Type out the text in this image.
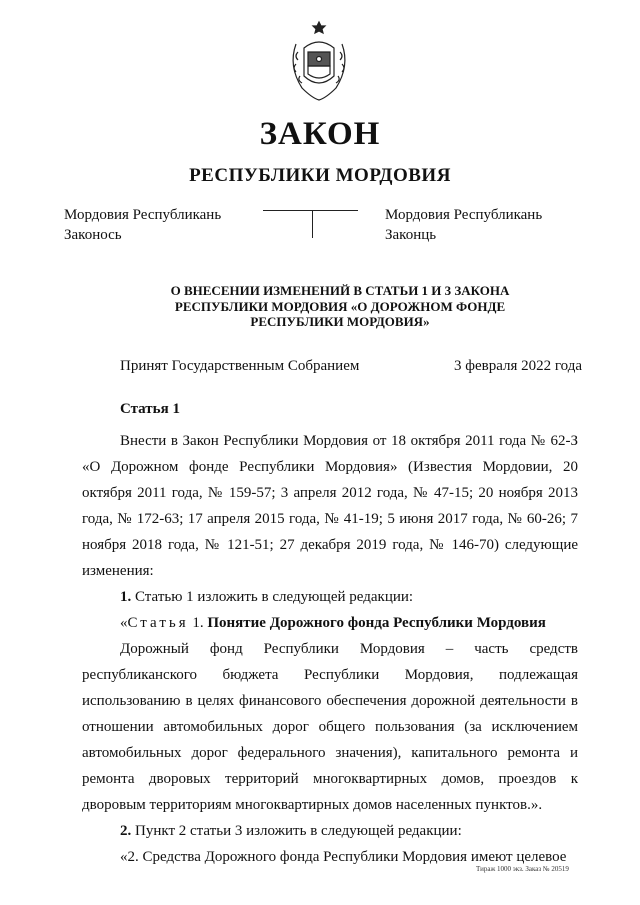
ЗАКОН
РЕСПУБЛИКИ МОРДОВИЯ
Мордовия Республикань
Законось
Мордовия Республикань
Законць
О ВНЕСЕНИИ ИЗМЕНЕНИЙ В СТАТЬИ 1 И 3 ЗАКОНА
РЕСПУБЛИКИ МОРДОВИЯ «О ДОРОЖНОМ ФОНДЕ
РЕСПУБЛИКИ МОРДОВИЯ»
Принят Государственным Собранием	3 февраля 2022 года
Статья 1

Внести в Закон Республики Мордовия от 18 октября 2011 года № 62-З «О Дорожном фонде Республики Мордовия» (Известия Мордовии, 20 октября 2011 года, № 159-57; 3 апреля 2012 года, № 47-15; 20 ноября 2013 года, № 172-63; 17 апреля 2015 года, № 41-19; 5 июня 2017 года, № 60-26; 7 ноября 2018 года, № 121-51; 27 декабря 2019 года, № 146-70) следующие изменения:

1. Статью 1 изложить в следующей редакции:

«Статья 1. Понятие Дорожного фонда Республики Мордовия

Дорожный фонд Республики Мордовия – часть средств республиканского бюджета Республики Мордовия, подлежащая использованию в целях финансового обеспечения дорожной деятельности в отношении автомобильных дорог общего пользования (за исключением автомобильных дорог федерального значения), капитального ремонта и ремонта дворовых территорий многоквартирных домов, проездов к дворовым территориям многоквартирных домов населенных пунктов.».

2. Пункт 2 статьи 3 изложить в следующей редакции:

«2. Средства Дорожного фонда Республики Мордовия имеют целевое

Тираж 1000 экз. Заказ № 20519
